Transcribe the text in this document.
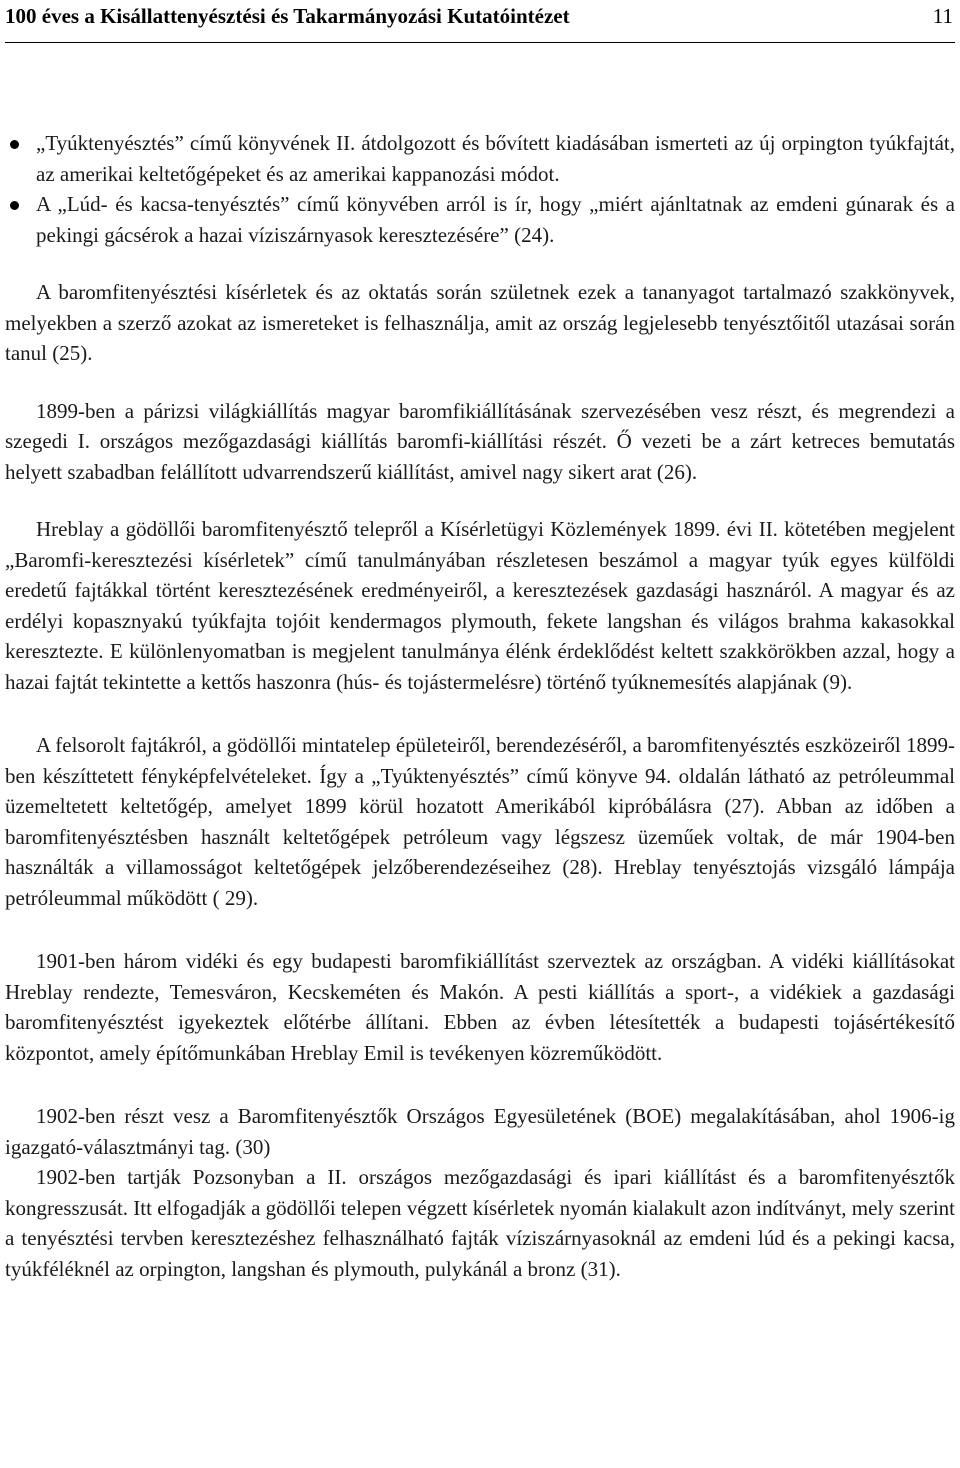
100 éves a Kisállattenyésztési és Takarmányozási Kutatóintézet	11
„Tyúktenyésztés” című könyvének II. átdolgozott és bővített kiadásában ismerteti az új orpington tyúkfajtát, az amerikai keltetőgépeket és az amerikai kappanozási módot.
A „Lúd- és kacsa-tenyésztés” című könyvében arról is ír, hogy „miért ajánltatnak az emdeni gúnarak és a pekingi gácsérok a hazai víziszárnyasok keresztezésére” (24).

A baromfitenyésztési kísérletek és az oktatás során születnek ezek a tananyagot tartalmazó szakkönyvek, melyekben a szerző azokat az ismereteket is felhasználja, amit az ország legjelesebb tenyésztőitől utazásai során tanul (25).

1899-ben a párizsi világkiállítás magyar baromfikiállításának szervezésében vesz részt, és megrendezi a szegedi I. országos mezőgazdasági kiállítás baromfi-kiállítási részét. Ő vezeti be a zárt ketreces bemutatás helyett szabadban felállított udvarrendszerű kiállítást, amivel nagy sikert arat (26).

Hreblay a gödöllői baromfitenyésztő telepről a Kísérletügyi Közlemények 1899. évi II. kötetében megjelent „Baromfi-keresztezési kísérletek” című tanulmányában részletesen beszámol a magyar tyúk egyes külföldi eredetű fajtákkal történt keresztezésének eredményeiről, a keresztezések gazdasági hasznáról. A magyar és az erdélyi kopasznyakú tyúkfajta tojóit kendermagos plymouth, fekete langshan és világos brahma kakasokkal keresztezte. E különlenyomatban is megjelent tanulmánya élénk érdeklődést keltett szakkörökben azzal, hogy a hazai fajtát tekintette a kettős haszonra (hús- és tojástermelésre) történő tyúknemesítés alapjának (9).

A felsorolt fajtákról, a gödöllői mintatelep épületeiről, berendezéséről, a baromfitenyésztés eszközeiről 1899-ben készíttetett fényképfelvételeket. Így a „Tyúktenyésztés” című könyve 94. oldalán látható az petróleummal üzemeltetett keltetőgép, amelyet 1899 körül hozatott Amerikából kipróbálásra (27). Abban az időben a baromfitenyésztésben használt keltetőgépek petróleum vagy légszesz üzeműek voltak, de már 1904-ben használták a villamosságot keltetőgépek jelzőberendezéseihez (28). Hreblay tenyésztojás vizsgáló lámpája petróleummal működött ( 29).

1901-ben három vidéki és egy budapesti baromfikiállítást szerveztek az országban. A vidéki kiállításokat Hreblay rendezte, Temesváron, Kecskeméten és Makón. A pesti kiállítás a sport-, a vidékiek a gazdasági baromfitenyésztést igyekeztek előtérbe állítani. Ebben az évben létesítették a budapesti tojásértékesítő központot, amely építőmunkában Hreblay Emil is tevékenyen közreműködött.

1902-ben részt vesz a Baromfitenyésztők Országos Egyesületének (BOE) megalakításában, ahol 1906-ig igazgató-választmányi tag. (30)

1902-ben tartják Pozsonyban a II. országos mezőgazdasági és ipari kiállítást és a baromfitenyésztők kongresszusát. Itt elfogadják a gödöllői telepen végzett kísérletek nyomán kialakult azon indítványt, mely szerint a tenyésztési tervben keresztezéshez felhasználható fajták víziszárnyasoknál az emdeni lúd és a pekingi kacsa, tyúkféléknél az orpington, langshan és plymouth, pulykánál a bronz (31).
